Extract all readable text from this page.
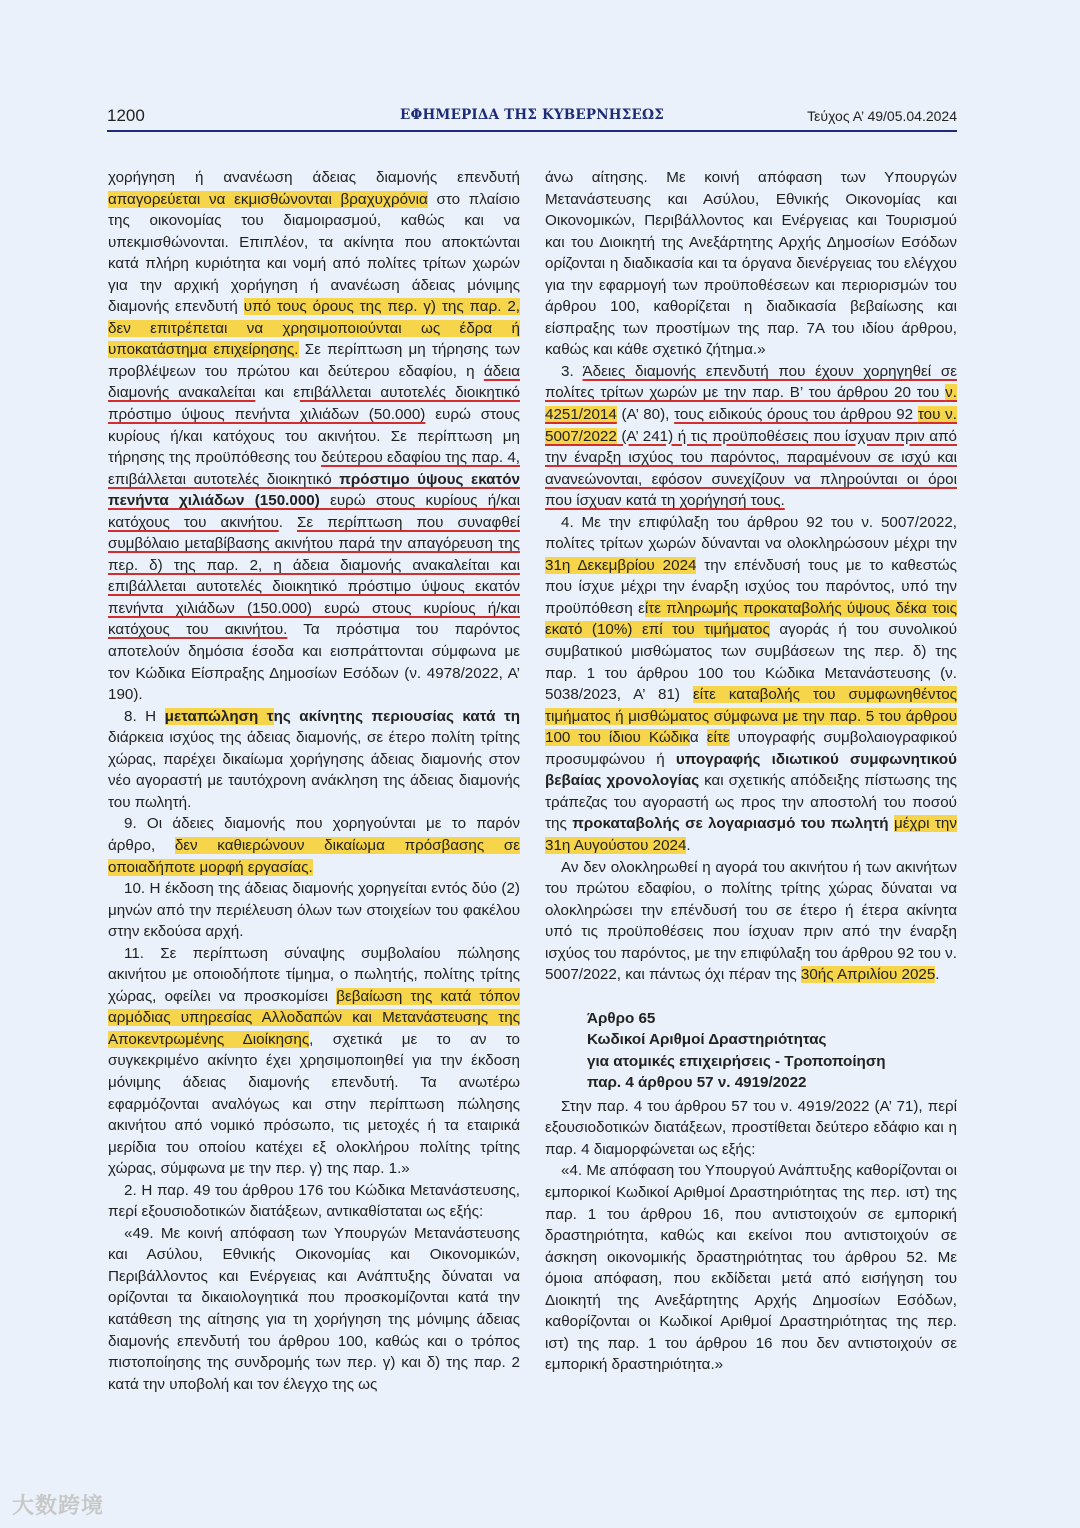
1200	ΕΦΗΜΕΡΙΔΑ ΤΗΣ ΚΥΒΕΡΝΗΣΕΩΣ	Τεύχος Α’ 49/05.04.2024

χορήγηση ή ανανέωση άδειας διαμονής επενδυτή απαγορεύεται να εκμισθώνονται βραχυχρόνια στο πλαίσιο της οικονομίας του διαμοιρασμού, καθώς και να υπεκμισθώνονται. Επιπλέον, τα ακίνητα που αποκτώνται κατά πλήρη κυριότητα και νομή από πολίτες τρίτων χωρών για την αρχική χορήγηση ή ανανέωση άδειας μόνιμης διαμονής επενδυτή υπό τους όρους της περ. γ) της παρ. 2, δεν επιτρέπεται να χρησιμοποιούνται ως έδρα ή υποκατάστημα επιχείρησης. Σε περίπτωση μη τήρησης των προβλέψεων του πρώτου και δεύτερου εδαφίου, η άδεια διαμονής ανακαλείται και επιβάλλεται αυτοτελές διοικητικό πρόστιμο ύψους πενήντα χιλιάδων (50.000) ευρώ στους κυρίους ή/και κατόχους του ακινήτου. Σε περίπτωση μη τήρησης της προϋπόθεσης του δεύτερου εδαφίου της παρ. 4, επιβάλλεται αυτοτελές διοικητικό πρόστιμο ύψους εκατόν πενήντα χιλιάδων (150.000) ευρώ στους κυρίους ή/και κατόχους του ακινήτου. Σε περίπτωση που συναφθεί συμβόλαιο μεταβίβασης ακινήτου παρά την απαγόρευση της περ. δ) της παρ. 2, η άδεια διαμονής ανακαλείται και επιβάλλεται αυτοτελές διοικητικό πρόστιμο ύψους εκατόν πενήντα χιλιάδων (150.000) ευρώ στους κυρίους ή/και κατόχους του ακινήτου. Τα πρόστιμα του παρόντος αποτελούν δημόσια έσοδα και εισπράττονται σύμφωνα με τον Κώδικα Είσπραξης Δημοσίων Εσόδων (ν. 4978/2022, Α’ 190).

8. Η μεταπώληση της ακίνητης περιουσίας κατά τη διάρκεια ισχύος της άδειας διαμονής, σε έτερο πολίτη τρίτης χώρας, παρέχει δικαίωμα χορήγησης άδειας διαμονής στον νέο αγοραστή με ταυτόχρονη ανάκληση της άδειας διαμονής του πωλητή.

9. Οι άδειες διαμονής που χορηγούνται με το παρόν άρθρο, δεν καθιερώνουν δικαίωμα πρόσβασης σε οποιαδήποτε μορφή εργασίας.

10. Η έκδοση της άδειας διαμονής χορηγείται εντός δύο (2) μηνών από την περιέλευση όλων των στοιχείων του φακέλου στην εκδούσα αρχή.

11. Σε περίπτωση σύναψης συμβολαίου πώλησης ακινήτου με οποιοδήποτε τίμημα, ο πωλητής, πολίτης τρίτης χώρας, οφείλει να προσκομίσει βεβαίωση της κατά τόπον αρμόδιας υπηρεσίας Αλλοδαπών και Μετανάστευσης της Αποκεντρωμένης Διοίκησης, σχετικά με το αν το συγκεκριμένο ακίνητο έχει χρησιμοποιηθεί για την έκδοση μόνιμης άδειας διαμονής επενδυτή. Τα ανωτέρω εφαρμόζονται αναλόγως και στην περίπτωση πώλησης ακινήτου από νομικό πρόσωπο, τις μετοχές ή τα εταιρικά μερίδια του οποίου κατέχει εξ ολοκλήρου πολίτης τρίτης χώρας, σύμφωνα με την περ. γ) της παρ. 1.»

2. Η παρ. 49 του άρθρου 176 του Κώδικα Μετανάστευσης, περί εξουσιοδοτικών διατάξεων, αντικαθίσταται ως εξής:

«49. Με κοινή απόφαση των Υπουργών Μετανάστευσης και Ασύλου, Εθνικής Οικονομίας και Οικονομικών, Περιβάλλοντος και Ενέργειας και Ανάπτυξης δύναται να ορίζονται τα δικαιολογητικά που προσκομίζονται κατά την κατάθεση της αίτησης για τη χορήγηση της μόνιμης άδειας διαμονής επενδυτή του άρθρου 100, καθώς και ο τρόπος πιστοποίησης της συνδρομής των περ. γ) και δ) της παρ. 2 κατά την υποβολή και τον έλεγχο της ως

άνω αίτησης. Με κοινή απόφαση των Υπουργών Μετανάστευσης και Ασύλου, Εθνικής Οικονομίας και Οικονομικών, Περιβάλλοντος και Ενέργειας και Τουρισμού και του Διοικητή της Ανεξάρτητης Αρχής Δημοσίων Εσόδων ορίζονται η διαδικασία και τα όργανα διενέργειας του ελέγχου για την εφαρμογή των προϋποθέσεων και περιορισμών του άρθρου 100, καθορίζεται η διαδικασία βεβαίωσης και είσπραξης των προστίμων της παρ. 7Α του ιδίου άρθρου, καθώς και κάθε σχετικό ζήτημα.»

3. Άδειες διαμονής επενδυτή που έχουν χορηγηθεί σε πολίτες τρίτων χωρών με την παρ. Β’ του άρθρου 20 του ν. 4251/2014 (Α’ 80), τους ειδικούς όρους του άρθρου 92 του ν. 5007/2022 (Α’ 241) ή τις προϋποθέσεις που ίσχυαν πριν από την έναρξη ισχύος του παρόντος, παραμένουν σε ισχύ και ανανεώνονται, εφόσον συνεχίζουν να πληρούνται οι όροι που ίσχυαν κατά τη χορήγησή τους.

4. Με την επιφύλαξη του άρθρου 92 του ν. 5007/2022, πολίτες τρίτων χωρών δύνανται να ολοκληρώσουν μέχρι την 31η Δεκεμβρίου 2024 την επένδυσή τους με το καθεστώς που ίσχυε μέχρι την έναρξη ισχύος του παρόντος, υπό την προϋπόθεση είτε πληρωμής προκαταβολής ύψους δέκα τοις εκατό (10%) επί του τιμήματος αγοράς ή του συνολικού συμβατικού μισθώματος των συμβάσεων της περ. δ) της παρ. 1 του άρθρου 100 του Κώδικα Μετανάστευσης (ν. 5038/2023, Α’ 81) είτε καταβολής του συμφωνηθέντος τιμήματος ή μισθώματος σύμφωνα με την παρ. 5 του άρθρου 100 του ίδιου Κώδικα είτε υπογραφής συμβολαιογραφικού προσυμφώνου ή υπογραφής ιδιωτικού συμφωνητικού βεβαίας χρονολογίας και σχετικής απόδειξης πίστωσης της τράπεζας του αγοραστή ως προς την αποστολή του ποσού της προκαταβολής σε λογαριασμό του πωλητή μέχρι την 31η Αυγούστου 2024.

Αν δεν ολοκληρωθεί η αγορά του ακινήτου ή των ακινήτων του πρώτου εδαφίου, ο πολίτης τρίτης χώρας δύναται να ολοκληρώσει την επένδυσή του σε έτερο ή έτερα ακίνητα υπό τις προϋποθέσεις που ίσχυαν πριν από την έναρξη ισχύος του παρόντος, με την επιφύλαξη του άρθρου 92 του ν. 5007/2022, και πάντως όχι πέραν της 30ής Απριλίου 2025.

Άρθρο 65
Κωδικοί Αριθμοί Δραστηριότητας
για ατομικές επιχειρήσεις - Τροποποίηση
παρ. 4 άρθρου 57 ν. 4919/2022

Στην παρ. 4 του άρθρου 57 του ν. 4919/2022 (Α’ 71), περί εξουσιοδοτικών διατάξεων, προστίθεται δεύτερο εδάφιο και η παρ. 4 διαμορφώνεται ως εξής:

«4. Με απόφαση του Υπουργού Ανάπτυξης καθορίζονται οι εμπορικοί Κωδικοί Αριθμοί Δραστηριότητας της περ. ιστ) της παρ. 1 του άρθρου 16, που αντιστοιχούν σε εμπορική δραστηριότητα, καθώς και εκείνοι που αντιστοιχούν σε άσκηση οικονομικής δραστηριότητας του άρθρου 52. Με όμοια απόφαση, που εκδίδεται μετά από εισήγηση του Διοικητή της Ανεξάρτητης Αρχής Δημοσίων Εσόδων, καθορίζονται οι Κωδικοί Αριθμοί Δραστηριότητας της περ. ιστ) της παρ. 1 του άρθρου 16 που δεν αντιστοιχούν σε εμπορική δραστηριότητα.»

大数跨境
